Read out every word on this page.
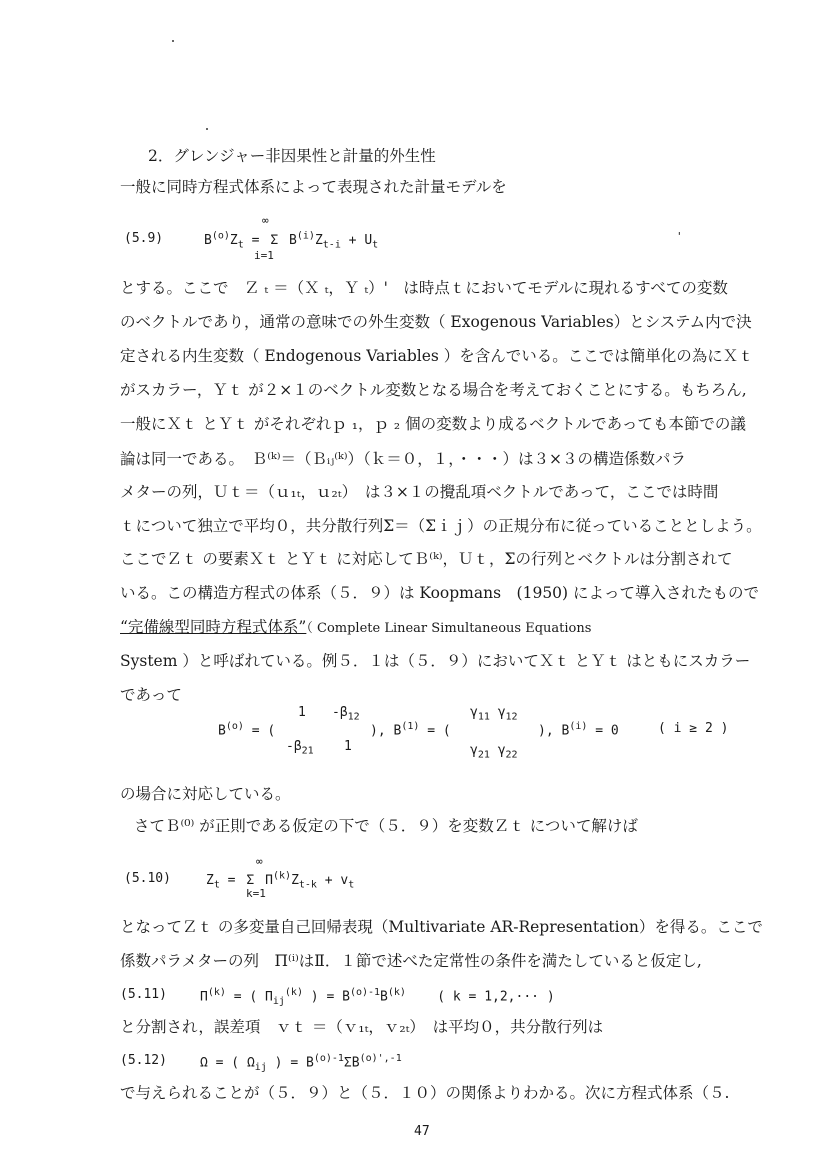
2．グレンジャー非因果性と計量的外生性
一般に同時方程式体系によって表現された計量モデルを
(5.9)	$B^{(o)}Z_t = \Sigma$ $B^{(i)}Z_{t-i} + U_t$
∞
i=1
'
とする。ここで　Ｚ ₜ ＝（Ｘ ₜ，Ｙ ₜ）'　は時点ｔにおいてモデルに現れるすべての変数
のベクトルであり，通常の意味での外生変数（ Exogenous Variables）とシステム内で決
定される内生変数（ Endogenous Variables ）を含んでいる。ここでは簡単化の為にＸｔ
がスカラー，Ｙｔ が２×１のベクトル変数となる場合を考えておくことにする。もちろん,
一般にＸｔ とＹｔ がそれぞれｐ ₁，ｐ ₂ 個の変数より成るベクトルであっても本節での議
論は同一である。　Ｂ⁽ᵏ⁾＝（Ｂᵢⱼ⁽ᵏ⁾）（ｋ＝０，１，・・・）は３×３の構造係数パラ
メターの列，Ｕｔ＝（ｕ₁ₜ，ｕ₂ₜ）　は３×１の攪乱項ベクトルであって，ここでは時間
ｔについて独立で平均０，共分散行列Σ＝（Σｉｊ）の正規分布に従っていることとしよう。
ここでＺｔ の要素Ｘｔ とＹｔ に対応してＢ⁽ᵏ⁾，Ｕｔ，Σの行列とベクトルは分割されて
いる。この構造方程式の体系（５．９）は Koopmans　(1950) によって導入されたもので
“完備線型同時方程式体系”（ Complete Linear Simultaneous Equations
System ）と呼ばれている。例５．１は（５．９）においてＸｔ とＹｔ はともにスカラー
であって
$B^{(o)}$ = (
1 $-\beta_{12}$
$-\beta_{21}$ 1
), $B^{(1)}$ = (
$\gamma_{11}$ $\gamma_{12}$
$\gamma_{21}$ $\gamma_{22}$
), $B^{(i)} = 0$	( i ≥ 2 )
の場合に対応している。
さてＢ⁽⁰⁾ が正則である仮定の下で（５．９）を変数Ｚｔ について解けば
(5.10)	$Z_t = \Sigma$ $\Pi^{(k)}Z_{t-k} + v_t$
∞
k=1
となってＺｔ の多変量自己回帰表現（Multivariate AR-Representation）を得る。ここで
係数パラメターの列　Π⁽ⁱ⁾はⅡ．１節で述べた定常性の条件を満たしていると仮定し,
(5.11)	$\Pi^{(k)}$ = ( $\Pi_{ij}^{(k)}$ ) = $B^{(o)-1}B^{(k)}$    ( k = 1,2,··· )
と分割され，誤差項　ｖｔ ＝（ｖ₁ₜ，ｖ₂ₜ）　は平均０，共分散行列は
(5.12)	Ω = ( $\Omega_{ij}$ ) = $B^{(o)-1}\Sigma B^{(o)',-1}$
で与えられることが（５．９）と（５．１０）の関係よりわかる。次に方程式体系（５.
47
